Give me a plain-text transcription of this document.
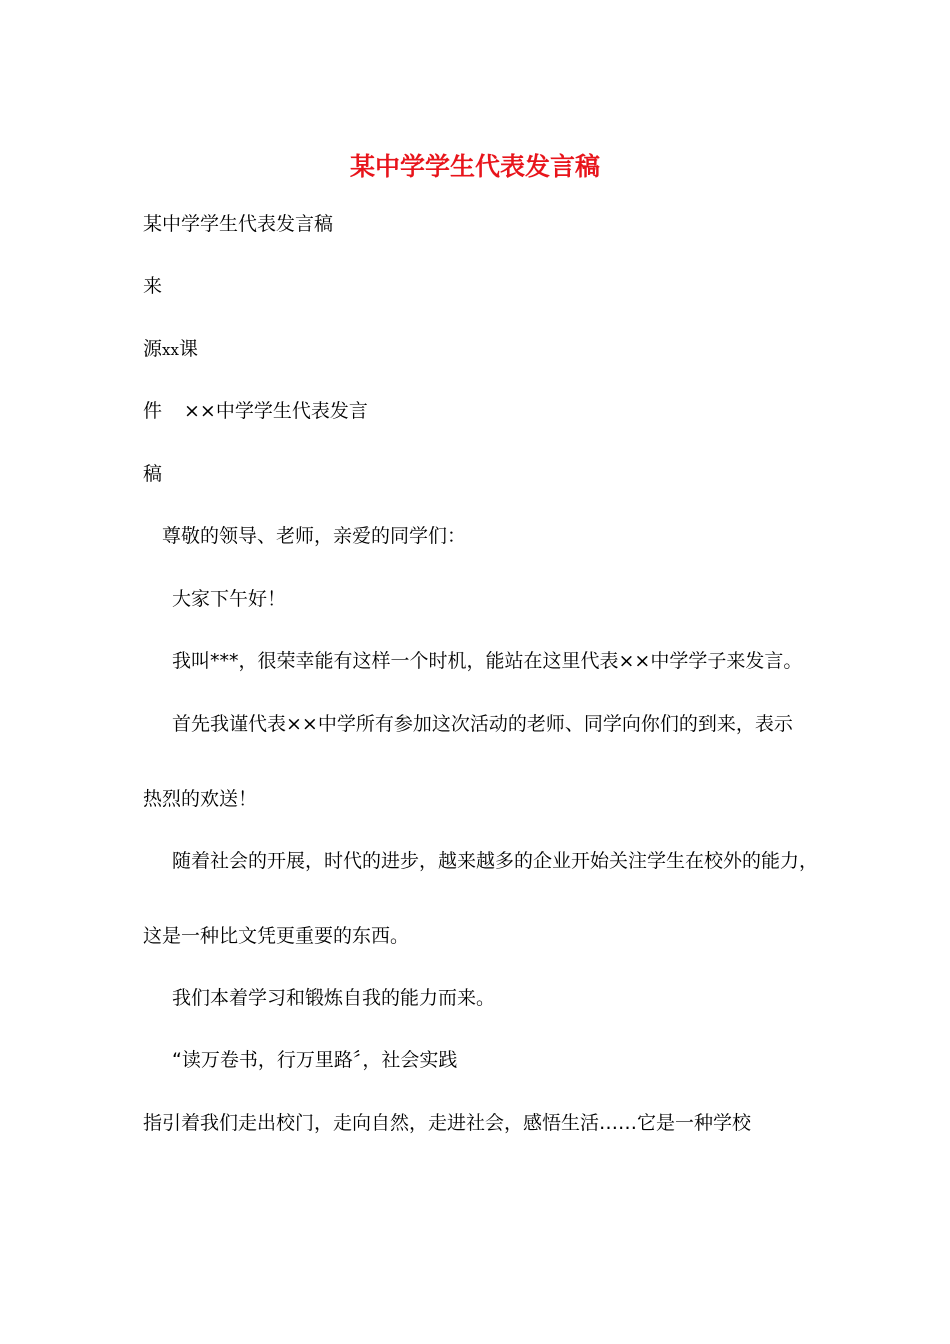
某中学学生代表发言稿
某中学学生代表发言稿
来
源xx课
件 ××中学学生代表发言
稿
尊敬的领导、老师，亲爱的同学们：
大家下午好！
我叫***，很荣幸能有这样一个时机，能站在这里代表××中学学子来发言。
首先我谨代表××中学所有参加这次活动的老师、同学向你们的到来，表示
热烈的欢送！
随着社会的开展，时代的进步，越来越多的企业开始关注学生在校外的能力，
这是一种比文凭更重要的东西。
我们本着学习和锻炼自我的能力而来。
“读万卷书，行万里路〞，社会实践
指引着我们走出校门，走向自然，走进社会，感悟生活……它是一种学校
